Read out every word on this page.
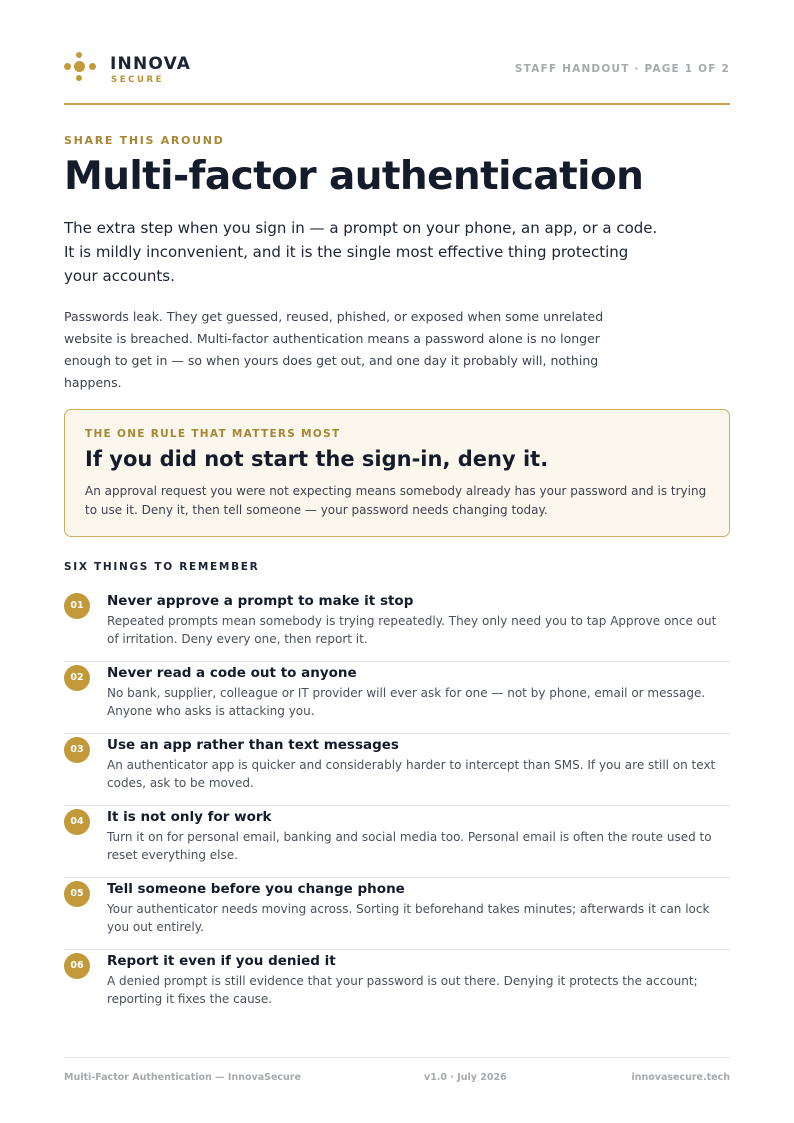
INNOVA
SECURE
STAFF HANDOUT · PAGE 1 OF 2
SHARE THIS AROUND
Multi-factor authentication

The extra step when you sign in — a prompt on your phone, an app, or a code. It is mildly inconvenient, and it is the single most effective thing protecting your accounts.

Passwords leak. They get guessed, reused, phished, or exposed when some unrelated website is breached. Multi-factor authentication means a password alone is no longer enough to get in — so when yours does get out, and one day it probably will, nothing happens.

THE ONE RULE THAT MATTERS MOST
If you did not start the sign-in, deny it.
An approval request you were not expecting means somebody already has your password and is trying to use it. Deny it, then tell someone — your password needs changing today.
SIX THINGS TO REMEMBER
01	Never approve a prompt to make it stop
Repeated prompts mean somebody is trying repeatedly. They only need you to tap Approve once out of irritation. Deny every one, then report it.
02	Never read a code out to anyone
No bank, supplier, colleague or IT provider will ever ask for one — not by phone, email or message. Anyone who asks is attacking you.
03	Use an app rather than text messages
An authenticator app is quicker and considerably harder to intercept than SMS. If you are still on text codes, ask to be moved.
04	It is not only for work
Turn it on for personal email, banking and social media too. Personal email is often the route used to reset everything else.
05	Tell someone before you change phone
Your authenticator needs moving across. Sorting it beforehand takes minutes; afterwards it can lock you out entirely.
06	Report it even if you denied it
A denied prompt is still evidence that your password is out there. Denying it protects the account; reporting it fixes the cause.
Multi-Factor Authentication — InnovaSecure	v1.0 · July 2026	innovasecure.tech
